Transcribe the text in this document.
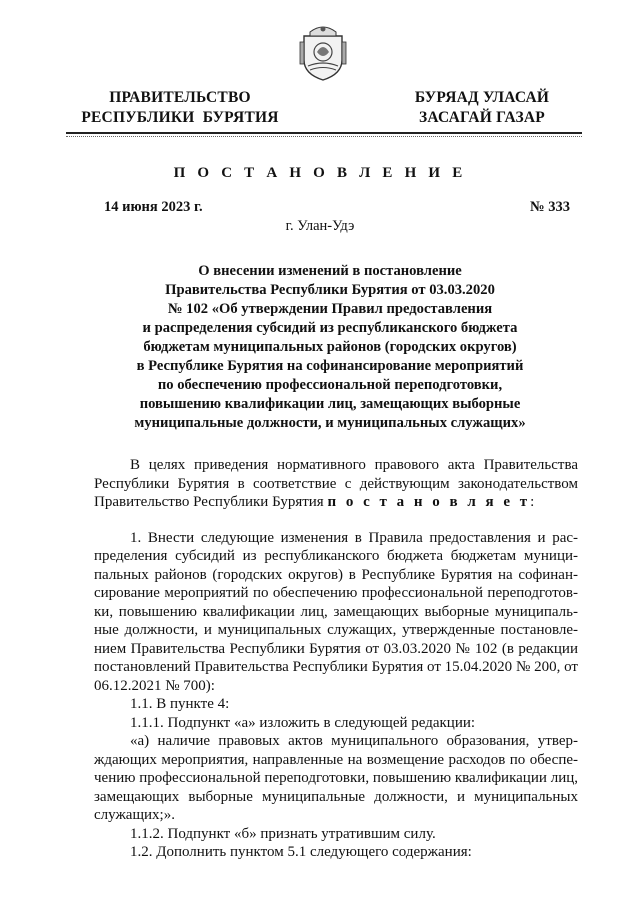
ПРАВИТЕЛЬСТВО
РЕСПУБЛИКИ  БУРЯТИЯ
БУРЯАД УЛАСАЙ
ЗАСАГАЙ ГАЗАР
П О С Т А Н О В Л Е Н И Е
14 июня 2023 г.	№ 333
г. Улан-Удэ
О внесении изменений в постановление
Правительства Республики Бурятия от 03.03.2020
№ 102 «Об утверждении Правил предоставления
и распределения субсидий из республиканского бюджета
бюджетам муниципальных районов (городских округов)
в Республике Бурятия на софинансирование мероприятий
по обеспечению профессиональной переподготовки,
повышению квалификации лиц, замещающих выборные
муниципальные должности, и муниципальных служащих»
В целях приведения нормативного правового акта Правительства
Республики Бурятия в соответствие с действующим законодательством
Правительство Республики Бурятия п о с т а н о в л я е т:
1. Внести следующие изменения в Правила предоставления и рас-
пределения субсидий из республиканского бюджета бюджетам муници-
пальных районов (городских округов) в Республике Бурятия на софинан-
сирование мероприятий по обеспечению профессиональной переподготов-
ки, повышению квалификации лиц, замещающих выборные муниципаль-
ные должности, и муниципальных служащих, утвержденные постановле-
нием Правительства Республики Бурятия от 03.03.2020 № 102 (в редакции
постановлений Правительства Республики Бурятия от 15.04.2020 № 200, от
06.12.2021 № 700):
1.1. В пункте 4:
1.1.1. Подпункт «а» изложить в следующей редакции:
«а) наличие правовых актов муниципального образования, утвер-
ждающих мероприятия, направленные на возмещение расходов по обеспе-
чению профессиональной переподготовки, повышению квалификации лиц,
замещающих выборные муниципальные должности, и муниципальных
служащих;».
1.1.2. Подпункт «б» признать утратившим силу.
1.2. Дополнить пунктом 5.1 следующего содержания:
